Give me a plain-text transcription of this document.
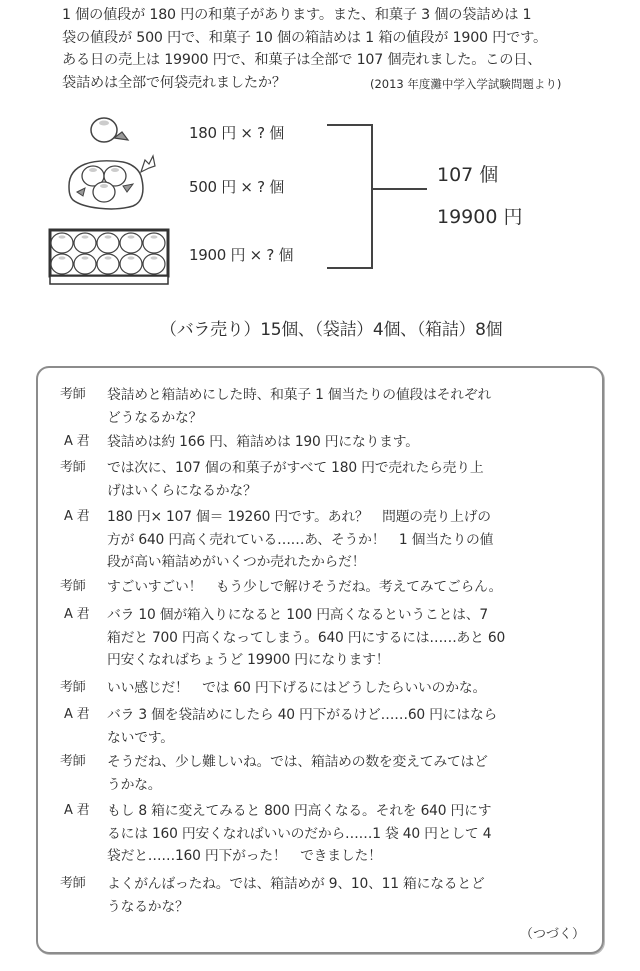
1 個の値段が 180 円の和菓子があります。また、和菓子 3 個の袋詰めは 1
袋の値段が 500 円で、和菓子 10 個の箱詰めは 1 箱の値段が 1900 円です。
ある日の売上は 19900 円で、和菓子は全部で 107 個売れました。この日、
袋詰めは全部で何袋売れましたか？	(2013 年度灘中学入学試験問題より)
180 円 × ? 個
500 円 × ? 個
1900 円 × ? 個
107 個
19900 円
（バラ売り）15個、（袋詰）4個、（箱詰）8個
考師	袋詰めと箱詰めにした時、和菓子 1 個当たりの値段はそれぞれ
どうなるかな？
A 君	袋詰めは約 166 円、箱詰めは 190 円になります。
考師	では次に、107 個の和菓子がすべて 180 円で売れたら売り上
げはいくらになるかな？
A 君	180 円× 107 個＝ 19260 円です。あれ？　問題の売り上げの
方が 640 円高く売れている……あ、そうか！　1 個当たりの値
段が高い箱詰めがいくつか売れたからだ！
考師	すごいすごい！　もう少しで解けそうだね。考えてみてごらん。
A 君	バラ 10 個が箱入りになると 100 円高くなるということは、7
箱だと 700 円高くなってしまう。640 円にするには……あと 60
円安くなればちょうど 19900 円になります！
考師	いい感じだ！　では 60 円下げるにはどうしたらいいのかな。
A 君	バラ 3 個を袋詰めにしたら 40 円下がるけど……60 円にはなら
ないです。
考師	そうだね、少し難しいね。では、箱詰めの数を変えてみてはど
うかな。
A 君	もし 8 箱に変えてみると 800 円高くなる。それを 640 円にす
るには 160 円安くなればいいのだから……1 袋 40 円として 4
袋だと……160 円下がった！　できました！
考師	よくがんばったね。では、箱詰めが 9、10、11 箱になるとど
うなるかな？
（つづく）
